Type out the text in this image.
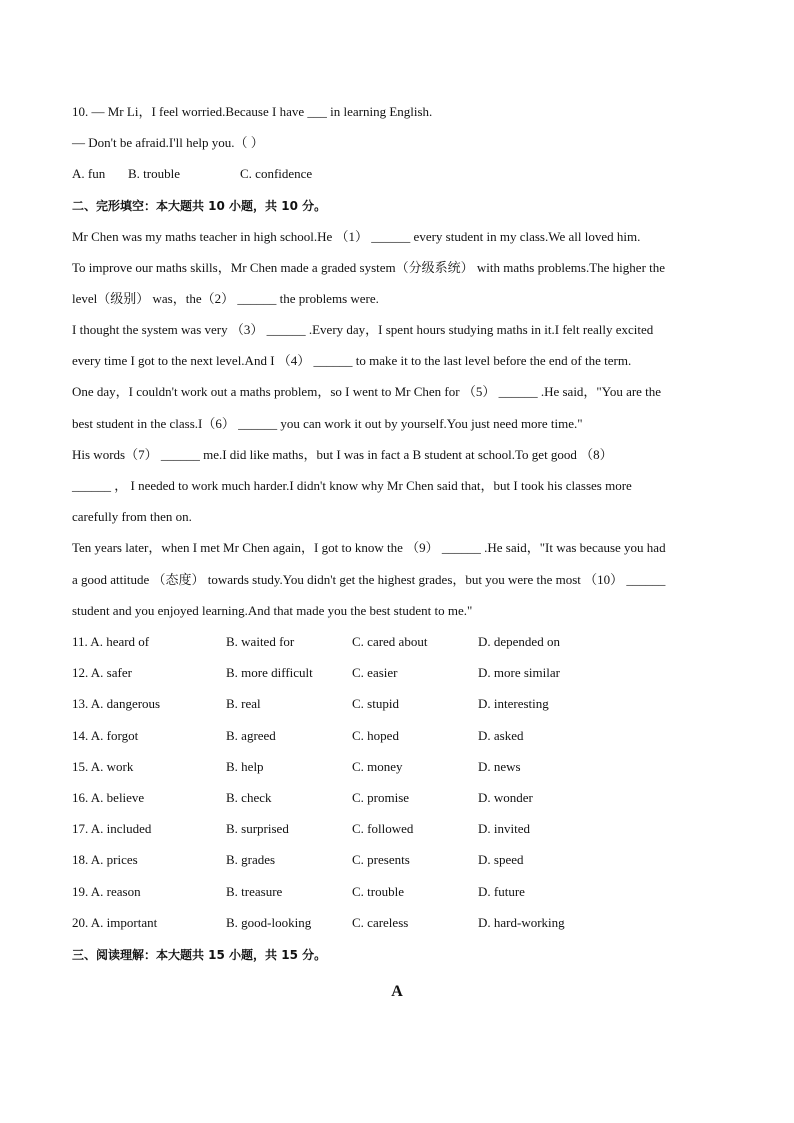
10. — Mr Li，I feel worried.Because I have ___ in learning English.
— Don't be afraid.I'll help you.（ ）
A. fun B. trouble	C. confidence
二、完形填空：本大题共 10 小题，共 10 分。
Mr Chen was my maths teacher in high school.He （1） ______ every student in my class.We all loved him.
To improve our maths skills，Mr Chen made a graded system（分级系统） with maths problems.The higher the
level（级别） was，the（2） ______ the problems were.
I thought the system was very （3） ______ .Every day，I spent hours studying maths in it.I felt really excited
every time I got to the next level.And I （4） ______ to make it to the last level before the end of the term.
One day，I couldn't work out a maths problem，so I went to Mr Chen for （5） ______ .He said，"You are the
best student in the class.I（6） ______ you can work it out by yourself.You just need more time."
His words（7） ______ me.I did like maths，but I was in fact a B student at school.To get good （8）
______ ， I needed to work much harder.I didn't know why Mr Chen said that，but I took his classes more
carefully from then on.
Ten years later，when I met Mr Chen again，I got to know the （9） ______ .He said，"It was because you had
a good attitude （态度） towards study.You didn't get the highest grades，but you were the most （10） ______
student and you enjoyed learning.And that made you the best student to me."
11. A. heard of	B. waited for	C. cared about	D. depended on
12. A. safer	B. more difficult	C. easier	D. more similar
13. A. dangerous	B. real	C. stupid	D. interesting
14. A. forgot	B. agreed	C. hoped	D. asked
15. A. work	B. help	C. money	D. news
16. A. believe	B. check	C. promise	D. wonder
17. A. included	B. surprised	C. followed	D. invited
18. A. prices	B. grades	C. presents	D. speed
19. A. reason	B. treasure	C. trouble	D. future
20. A. important	B. good-looking	C. careless	D. hard-working
三、阅读理解：本大题共 15 小题，共 15 分。
A
